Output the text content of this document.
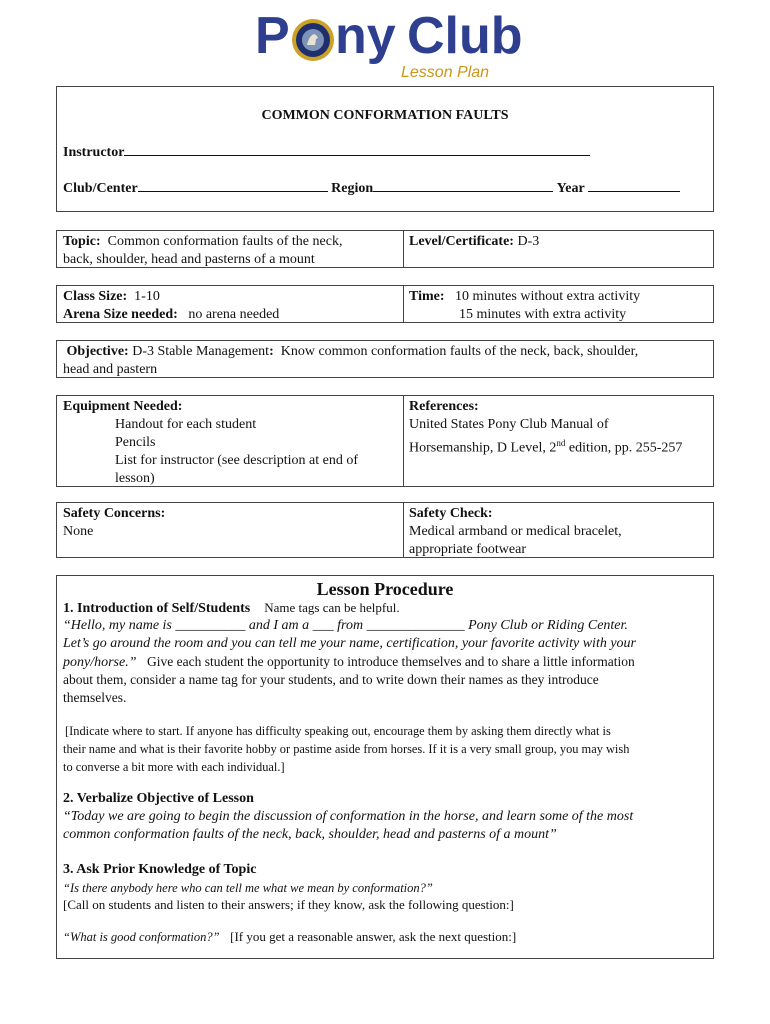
P ny Club
Lesson Plan
COMMON CONFORMATION FAULTS
Instructor
Club/Center	Region	Year
Topic: Common conformation faults of the neck,
back, shoulder, head and pasterns of a mount
Level/Certificate: D-3
Class Size: 1-10
Arena Size needed: no arena needed
Time: 10 minutes without extra activity
15 minutes with extra activity
Objective: D-3 Stable Management: Know common conformation faults of the neck, back, shoulder,
head and pastern
Equipment Needed:
Handout for each student
Pencils
List for instructor (see description at end of
lesson)
References:
United States Pony Club Manual of
Horsemanship, D Level, 2nd edition, pp. 255-257
Safety Concerns:
None
Safety Check:
Medical armband or medical bracelet,
appropriate footwear
Lesson Procedure
1. Introduction of Self/Students Name tags can be helpful.
“Hello, my name is __________ and I am a ___ from ______________ Pony Club or Riding Center.
Let’s go around the room and you can tell me your name, certification, your favorite activity with your
pony/horse.” Give each student the opportunity to introduce themselves and to share a little information
about them, consider a name tag for your students, and to write down their names as they introduce
themselves.
[Indicate where to start. If anyone has difficulty speaking out, encourage them by asking them directly what is
their name and what is their favorite hobby or pastime aside from horses. If it is a very small group, you may wish
to converse a bit more with each individual.]
2. Verbalize Objective of Lesson
“Today we are going to begin the discussion of conformation in the horse, and learn some of the most
common conformation faults of the neck, back, shoulder, head and pasterns of a mount”
3. Ask Prior Knowledge of Topic
“Is there anybody here who can tell me what we mean by conformation?”
[Call on students and listen to their answers; if they know, ask the following question:]
“What is good conformation?” [If you get a reasonable answer, ask the next question:]
